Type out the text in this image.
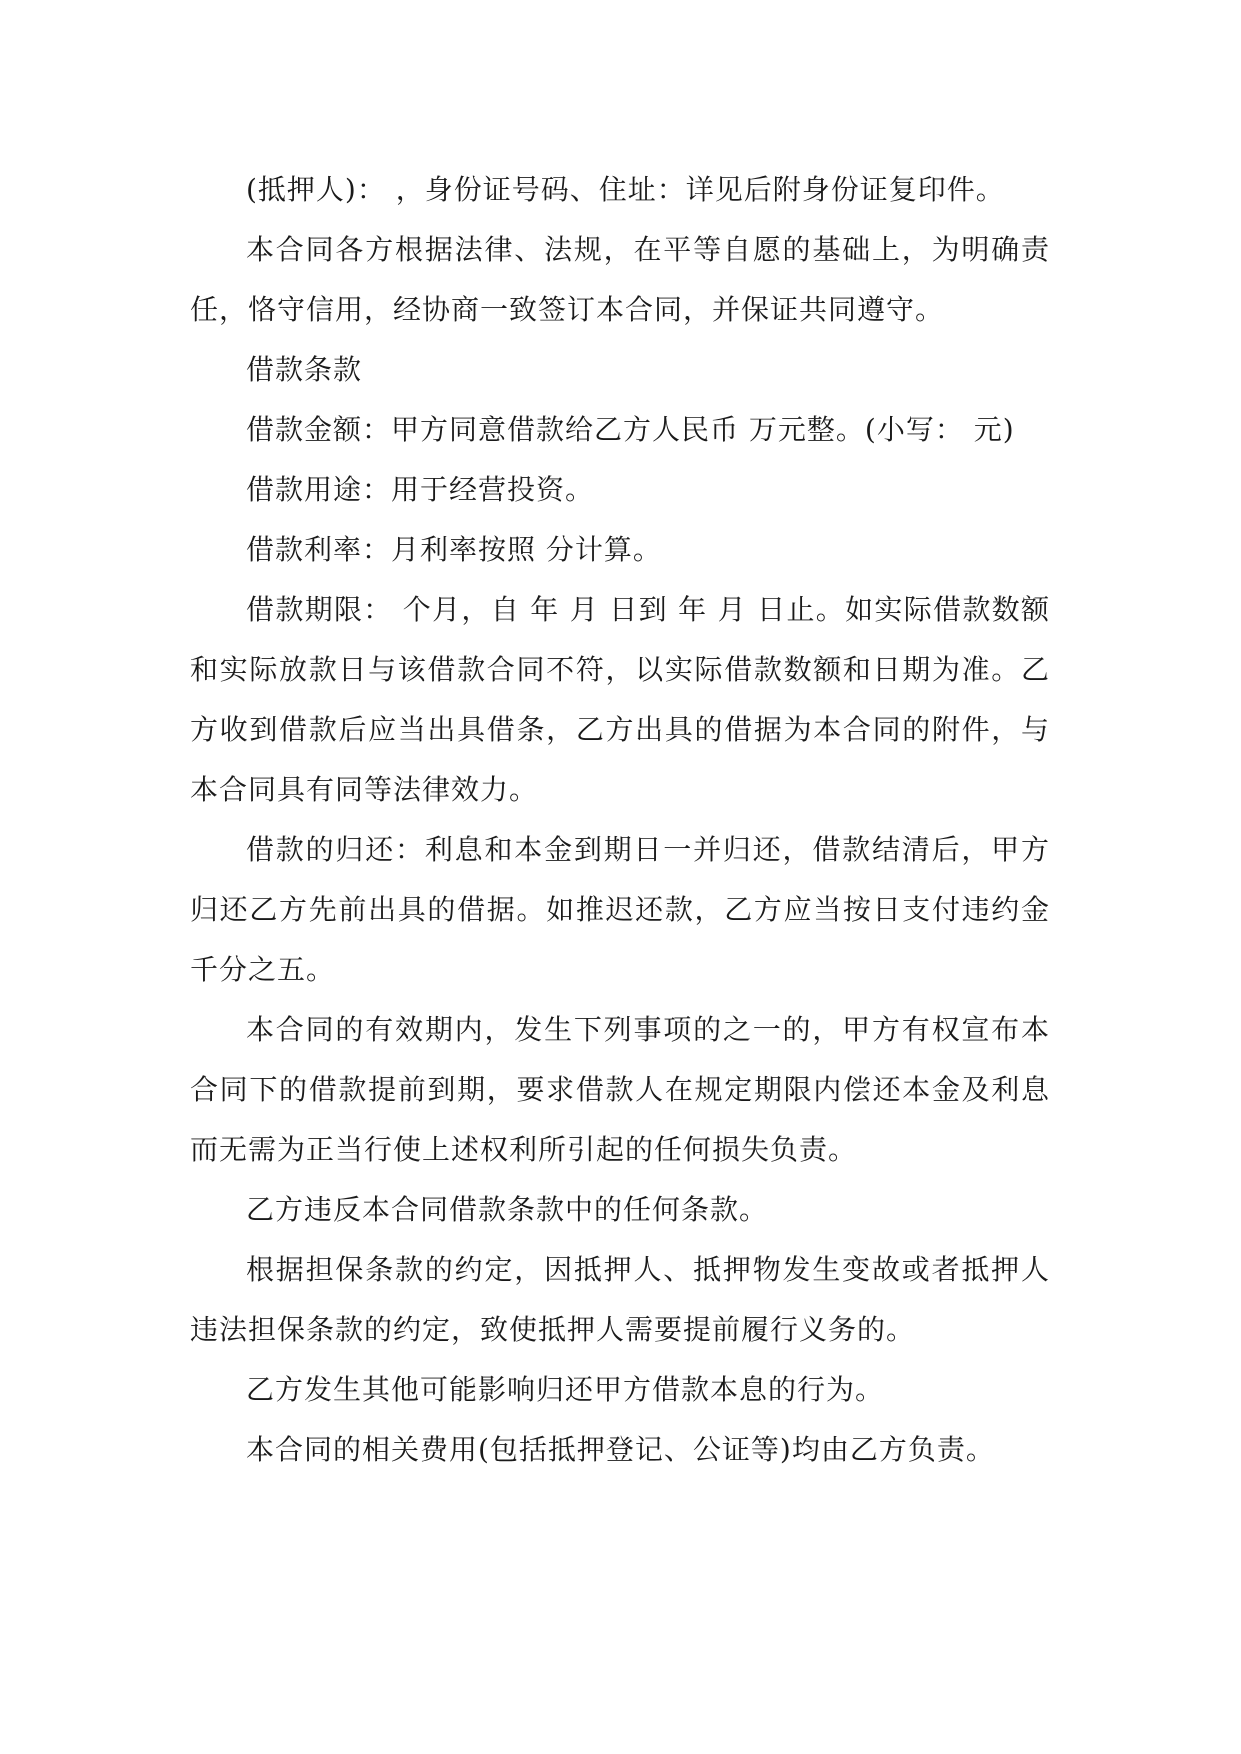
(抵押人)： ，身份证号码、住址：详见后附身份证复印件。

本合同各方根据法律、法规，在平等自愿的基础上，为明确责任，恪守信用，经协商一致签订本合同，并保证共同遵守。

借款条款

借款金额：甲方同意借款给乙方人民币 万元整。(小写： 元)

借款用途：用于经营投资。

借款利率：月利率按照 分计算。

借款期限： 个月，自 年 月 日到 年 月 日止。如实际借款数额和实际放款日与该借款合同不符，以实际借款数额和日期为准。乙方收到借款后应当出具借条，乙方出具的借据为本合同的附件，与本合同具有同等法律效力。

借款的归还：利息和本金到期日一并归还，借款结清后，甲方归还乙方先前出具的借据。如推迟还款，乙方应当按日支付违约金千分之五。

本合同的有效期内，发生下列事项的之一的，甲方有权宣布本合同下的借款提前到期，要求借款人在规定期限内偿还本金及利息而无需为正当行使上述权利所引起的任何损失负责。

乙方违反本合同借款条款中的任何条款。

根据担保条款的约定，因抵押人、抵押物发生变故或者抵押人违法担保条款的约定，致使抵押人需要提前履行义务的。

乙方发生其他可能影响归还甲方借款本息的行为。

本合同的相关费用(包括抵押登记、公证等)均由乙方负责。
